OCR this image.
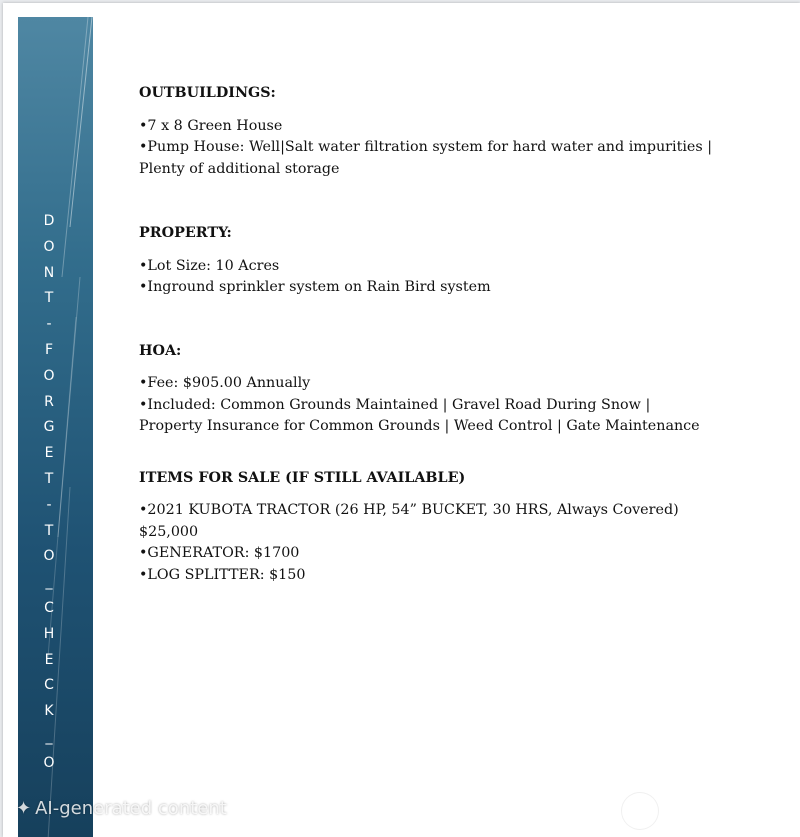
D
O
N
T
-
F
O
R
G
E
T
-
T
O
_
C
H
E
C
K
_
O

OUTBUILDINGS:

•7 x 8 Green House

•Pump House: Well|Salt water filtration system for hard water and impurities |

Plenty of additional storage

PROPERTY:

•Lot Size: 10 Acres

•Inground sprinkler system on Rain Bird system

HOA:

•Fee: $905.00 Annually

•Included: Common Grounds Maintained | Gravel Road During Snow |

Property Insurance for Common Grounds | Weed Control | Gate Maintenance

ITEMS FOR SALE (IF STILL AVAILABLE)

•2021 KUBOTA TRACTOR (26 HP, 54” BUCKET, 30 HRS, Always Covered)

$25,000

•GENERATOR: $1700

•LOG SPLITTER: $150

✦ AI-generated content
